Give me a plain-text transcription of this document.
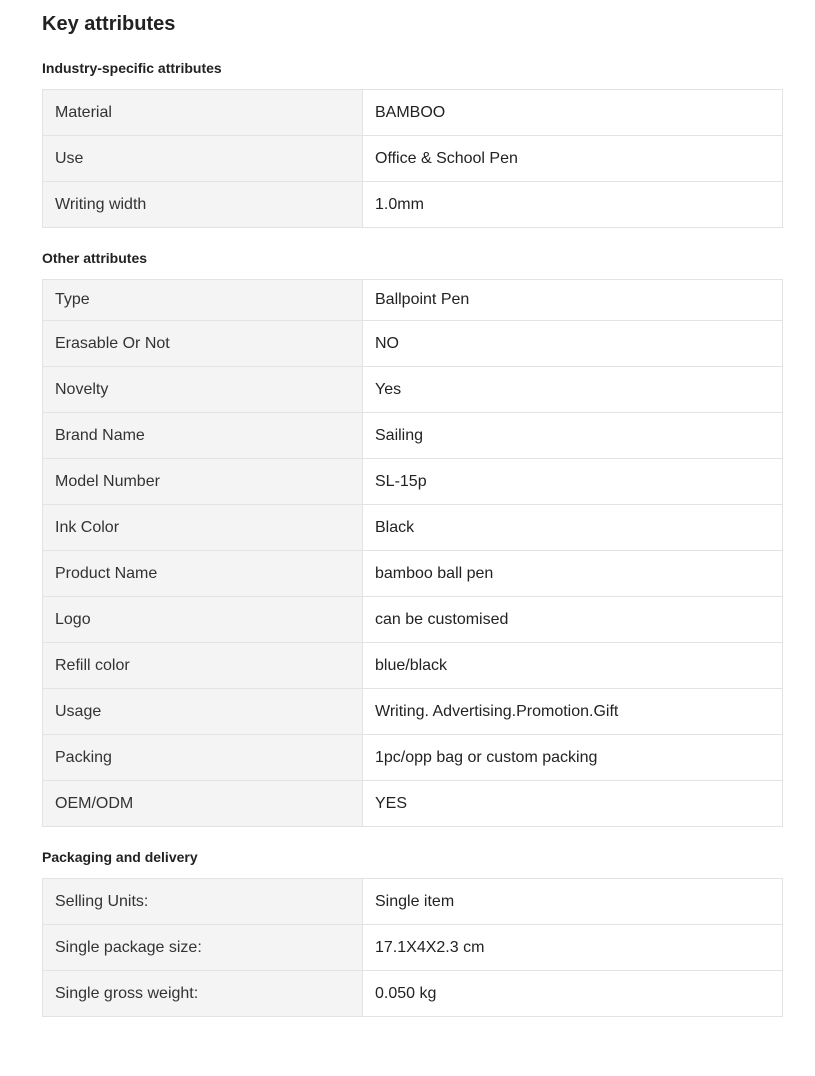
Key attributes
Industry-specific attributes
Material	BAMBOO
Use	Office & School Pen
Writing width	1.0mm
Other attributes
Type	Ballpoint Pen
Erasable Or Not	NO
Novelty	Yes
Brand Name	Sailing
Model Number	SL-15p
Ink Color	Black
Product Name	bamboo ball pen
Logo	can be customised
Refill color	blue/black
Usage	Writing. Advertising.Promotion.Gift
Packing	1pc/opp bag or custom packing
OEM/ODM	YES
Packaging and delivery
Selling Units:	Single item
Single package size:	17.1X4X2.3 cm
Single gross weight:	0.050 kg
